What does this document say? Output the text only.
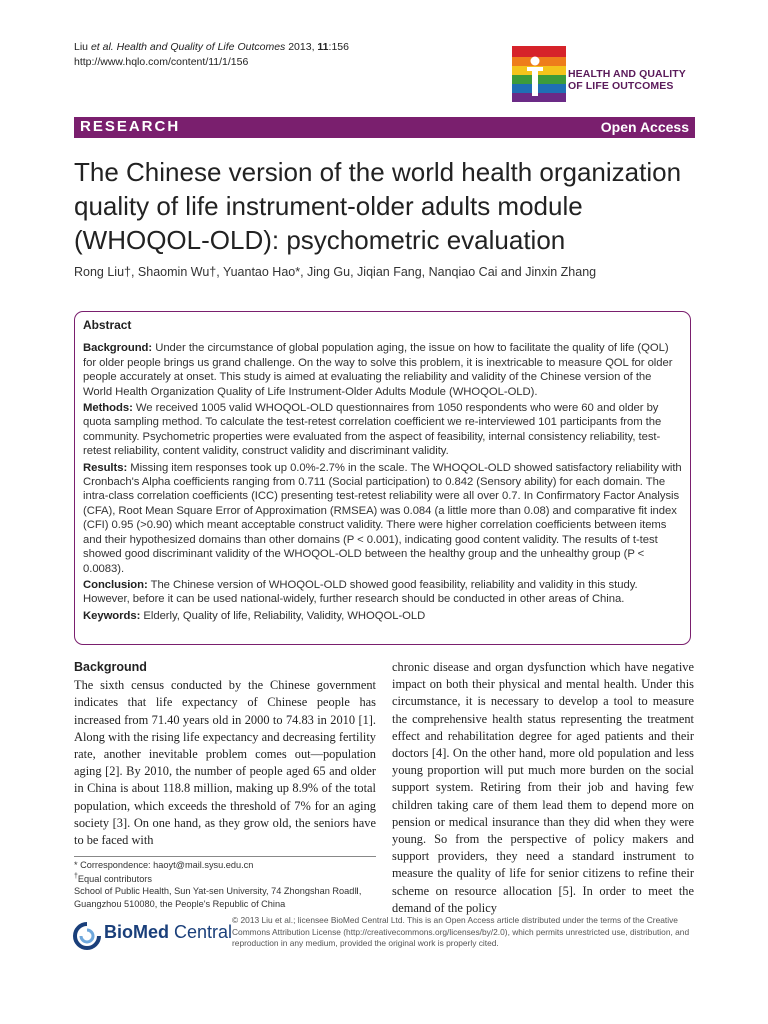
Liu et al. Health and Quality of Life Outcomes 2013, 11:156
http://www.hqlo.com/content/11/1/156
HEALTH AND QUALITY
OF LIFE OUTCOMES
RESEARCH	Open Access
The Chinese version of the world health organization quality of life instrument-older adults module (WHOQOL-OLD): psychometric evaluation
Rong Liu†, Shaomin Wu†, Yuantao Hao*, Jing Gu, Jiqian Fang, Nanqiao Cai and Jinxin Zhang
Abstract

Background: Under the circumstance of global population aging, the issue on how to facilitate the quality of life (QOL) for older people brings us grand challenge. On the way to solve this problem, it is inextricable to measure QOL for older people accurately at onset. This study is aimed at evaluating the reliability and validity of the Chinese version of the World Health Organization Quality of Life Instrument-Older Adults Module (WHOQOL-OLD).

Methods: We received 1005 valid WHOQOL-OLD questionnaires from 1050 respondents who were 60 and older by quota sampling method. To calculate the test-retest correlation coefficient we re-interviewed 101 participants from the community. Psychometric properties were evaluated from the aspect of feasibility, internal consistency reliability, test-retest reliability, content validity, construct validity and discriminant validity.

Results: Missing item responses took up 0.0%-2.7% in the scale. The WHOQOL-OLD showed satisfactory reliability with Cronbach's Alpha coefficients ranging from 0.711 (Social participation) to 0.842 (Sensory ability) for each domain. The intra-class correlation coefficients (ICC) presenting test-retest reliability were all over 0.7. In Confirmatory Factor Analysis (CFA), Root Mean Square Error of Approximation (RMSEA) was 0.084 (a little more than 0.08) and comparative fit index (CFI) 0.95 (>0.90) which meant acceptable construct validity. There were higher correlation coefficients between items and their hypothesized domains than other domains (P < 0.001), indicating good content validity. The results of t-test showed good discriminant validity of the WHOQOL-OLD between the healthy group and the unhealthy group (P < 0.0083).

Conclusion: The Chinese version of WHOQOL-OLD showed good feasibility, reliability and validity in this study. However, before it can be used national-widely, further research should be conducted in other areas of China.

Keywords: Elderly, Quality of life, Reliability, Validity, WHOQOL-OLD

Background

The sixth census conducted by the Chinese government indicates that life expectancy of Chinese people has increased from 71.40 years old in 2000 to 74.83 in 2010 [1]. Along with the rising life expectancy and decreasing fertility rate, another inevitable problem comes out—population aging [2]. By 2010, the number of people aged 65 and older in China is about 118.8 million, making up 8.9% of the total population, which exceeds the threshold of 7% for an aging society [3]. On one hand, as they grow old, the seniors have to be faced with

chronic disease and organ dysfunction which have negative impact on both their physical and mental health. Under this circumstance, it is necessary to develop a tool to measure the comprehensive health status representing the treatment effect and rehabilitation degree for aged patients and their doctors [4]. On the other hand, more old population and less young proportion will put much more burden on the social support system. Retiring from their job and having few children taking care of them lead them to depend more on pension or medical insurance than they did when they were young. So from the perspective of policy makers and support providers, they need a standard instrument to measure the quality of life for senior citizens to refine their scheme on resource allocation [5]. In order to meet the demand of the policy

* Correspondence: haoyt@mail.sysu.edu.cn
†Equal contributors
School of Public Health, Sun Yat-sen University, 74 Zhongshan RoadⅡ,
Guangzhou 510080, the People's Republic of China
BioMed Central
© 2013 Liu et al.; licensee BioMed Central Ltd. This is an Open Access article distributed under the terms of the Creative Commons Attribution License (http://creativecommons.org/licenses/by/2.0), which permits unrestricted use, distribution, and reproduction in any medium, provided the original work is properly cited.
